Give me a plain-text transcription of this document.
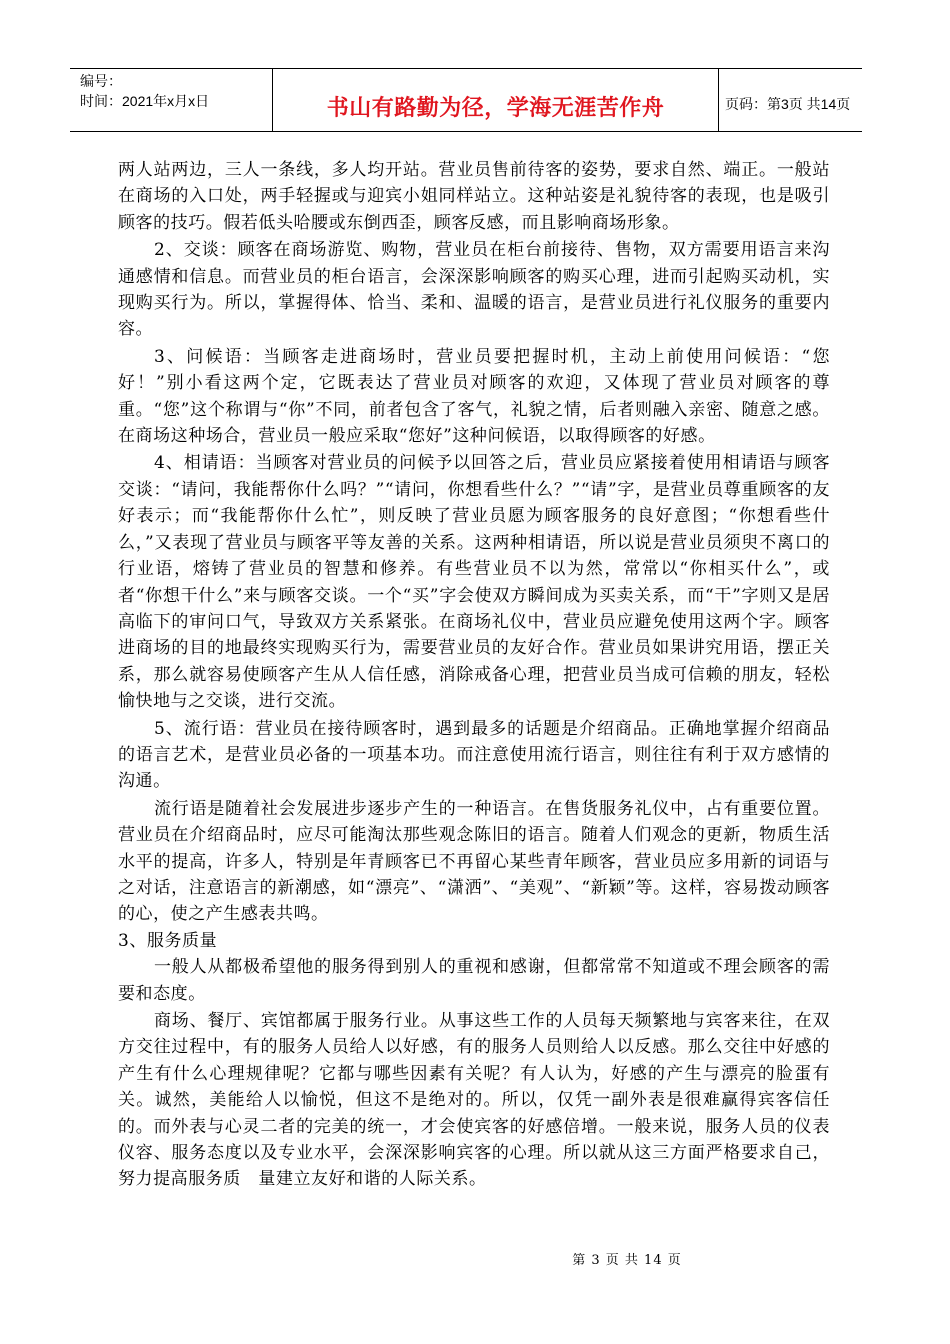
编号：
时间：2021年x月x日	书山有路勤为径，学海无涯苦作舟	页码：第3页 共14页

两人站两边，三人一条线，多人均开站。营业员售前待客的姿势，要求自然、端正。一般站在商场的入口处，两手轻握或与迎宾小姐同样站立。这种站姿是礼貌待客的表现，也是吸引顾客的技巧。假若低头哈腰或东倒西歪，顾客反感，而且影响商场形象。

2、交谈：顾客在商场游览、购物，营业员在柜台前接待、售物，双方需要用语言来沟通感情和信息。而营业员的柜台语言，会深深影响顾客的购买心理，进而引起购买动机，实现购买行为。所以，掌握得体、恰当、柔和、温暖的语言，是营业员进行礼仪服务的重要内容。

3、问候语：当顾客走进商场时，营业员要把握时机，主动上前使用问候语：“您好！”别小看这两个定，它既表达了营业员对顾客的欢迎，又体现了营业员对顾客的尊重。“您”这个称谓与“你”不同，前者包含了客气，礼貌之情，后者则融入亲密、随意之感。在商场这种场合，营业员一般应采取“您好”这种问候语，以取得顾客的好感。

4、相请语：当顾客对营业员的问候予以回答之后，营业员应紧接着使用相请语与顾客交谈：“请问，我能帮你什么吗？”“请问，你想看些什么？”“请”字，是营业员尊重顾客的友好表示；而“我能帮你什么忙”，则反映了营业员愿为顾客服务的良好意图；“你想看些什么，”又表现了营业员与顾客平等友善的关系。这两种相请语，所以说是营业员须臾不离口的行业语，熔铸了营业员的智慧和修养。有些营业员不以为然，常常以“你相买什么”，或者“你想干什么”来与顾客交谈。一个“买”字会使双方瞬间成为买卖关系，而“干”字则又是居高临下的审问口气，导致双方关系紧张。在商场礼仪中，营业员应避免使用这两个字。顾客进商场的目的地最终实现购买行为，需要营业员的友好合作。营业员如果讲究用语，摆正关系，那么就容易使顾客产生从人信任感，消除戒备心理，把营业员当成可信赖的朋友，轻松愉快地与之交谈，进行交流。

5、流行语：营业员在接待顾客时，遇到最多的话题是介绍商品。正确地掌握介绍商品的语言艺术，是营业员必备的一项基本功。而注意使用流行语言，则往往有利于双方感情的沟通。

流行语是随着社会发展进步逐步产生的一种语言。在售货服务礼仪中，占有重要位置。营业员在介绍商品时，应尽可能淘汰那些观念陈旧的语言。随着人们观念的更新，物质生活水平的提高，许多人，特别是年青顾客已不再留心某些青年顾客，营业员应多用新的词语与之对话，注意语言的新潮感，如“漂亮”、“潇洒”、“美观”、“新颖”等。这样，容易拨动顾客的心，使之产生感表共鸣。

3、服务质量

一般人从都极希望他的服务得到别人的重视和感谢，但都常常不知道或不理会顾客的需要和态度。

商场、餐厅、宾馆都属于服务行业。从事这些工作的人员每天频繁地与宾客来往，在双方交往过程中，有的服务人员给人以好感，有的服务人员则给人以反感。那么交往中好感的产生有什么心理规律呢？它都与哪些因素有关呢？有人认为，好感的产生与漂亮的脸蛋有关。诚然，美能给人以愉悦，但这不是绝对的。所以，仅凭一副外表是很难赢得宾客信任的。而外表与心灵二者的完美的统一，才会使宾客的好感倍增。一般来说，服务人员的仪表仪容、服务态度以及专业水平，会深深影响宾客的心理。所以就从这三方面严格要求自己，努力提高服务质　量建立友好和谐的人际关系。

第 3 页 共 14 页
